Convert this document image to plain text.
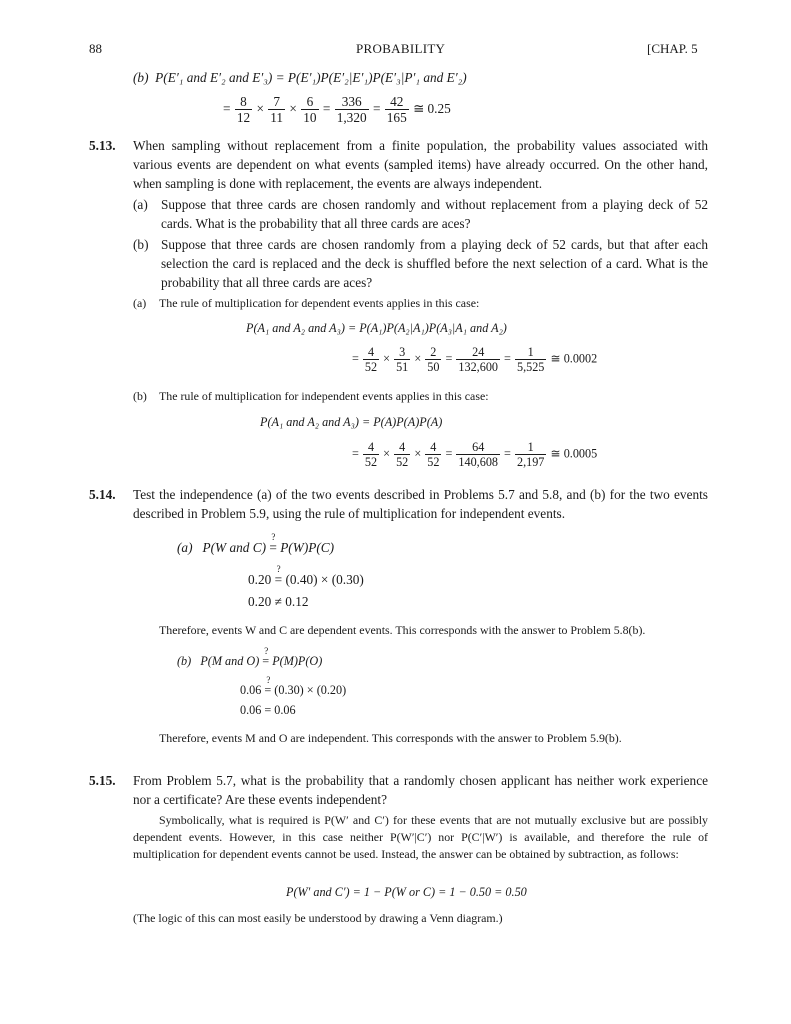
88	PROBABILITY	[CHAP. 5
(b) P(E′₁ and E′₂ and E′₃) = P(E′₁)P(E′₂|E′₁)P(E′₃|P′₁ and E′₂)
= $\frac{8}{12} \times \frac{7}{11} \times \frac{6}{10} = \frac{336}{1,320} = \frac{42}{165}$ ≅ 0.25
5.13. When sampling without replacement from a finite population, the probability values associated with various events are dependent on what events (sampled items) have already occurred. On the other hand, when sampling is done with replacement, the events are always independent.
(a) Suppose that three cards are chosen randomly and without replacement from a playing deck of 52 cards. What is the probability that all three cards are aces?
(b) Suppose that three cards are chosen randomly from a playing deck of 52 cards, but that after each selection the card is replaced and the deck is shuffled before the next selection of a card. What is the probability that all three cards are aces?
(a) The rule of multiplication for dependent events applies in this case:
P(A₁ and A₂ and A₃) = P(A₁)P(A₂|A₁)P(A₃|A₁ and A₂)
= $\frac{4}{52} \times \frac{3}{51} \times \frac{2}{50} = \frac{24}{132,600} = \frac{1}{5,525}$ ≅ 0.0002
(b) The rule of multiplication for independent events applies in this case:
P(A₁ and A₂ and A₃) = P(A)P(A)P(A)
= $\frac{4}{52} \times \frac{4}{52} \times \frac{4}{52} = \frac{64}{140,608} = \frac{1}{2,197}$ ≅ 0.0005
5.14. Test the independence (a) of the two events described in Problems 5.7 and 5.8, and (b) for the two events described in Problem 5.9, using the rule of multiplication for independent events.
(a) P(W and C) =
?
P(W)P(C)
0.20 =
?
(0.40) × (0.30)
0.20 ≠ 0.12
Therefore, events W and C are dependent events. This corresponds with the answer to Problem 5.8(b).
(b) P(M and O) =
?
P(M)P(O)
0.06 =
?
(0.30) × (0.20)
0.06 = 0.06
Therefore, events M and O are independent. This corresponds with the answer to Problem 5.9(b).
5.15. From Problem 5.7, what is the probability that a randomly chosen applicant has neither work experience nor a certificate? Are these events independent?
Symbolically, what is required is P(W′ and C′) for these events that are not mutually exclusive but are possibly dependent events. However, in this case neither P(W′|C′) nor P(C′|W′) is available, and therefore the rule of multiplication for dependent events cannot be used. Instead, the answer can be obtained by subtraction, as follows:
P(W′ and C′) = 1 − P(W or C) = 1 − 0.50 = 0.50
(The logic of this can most easily be understood by drawing a Venn diagram.)
